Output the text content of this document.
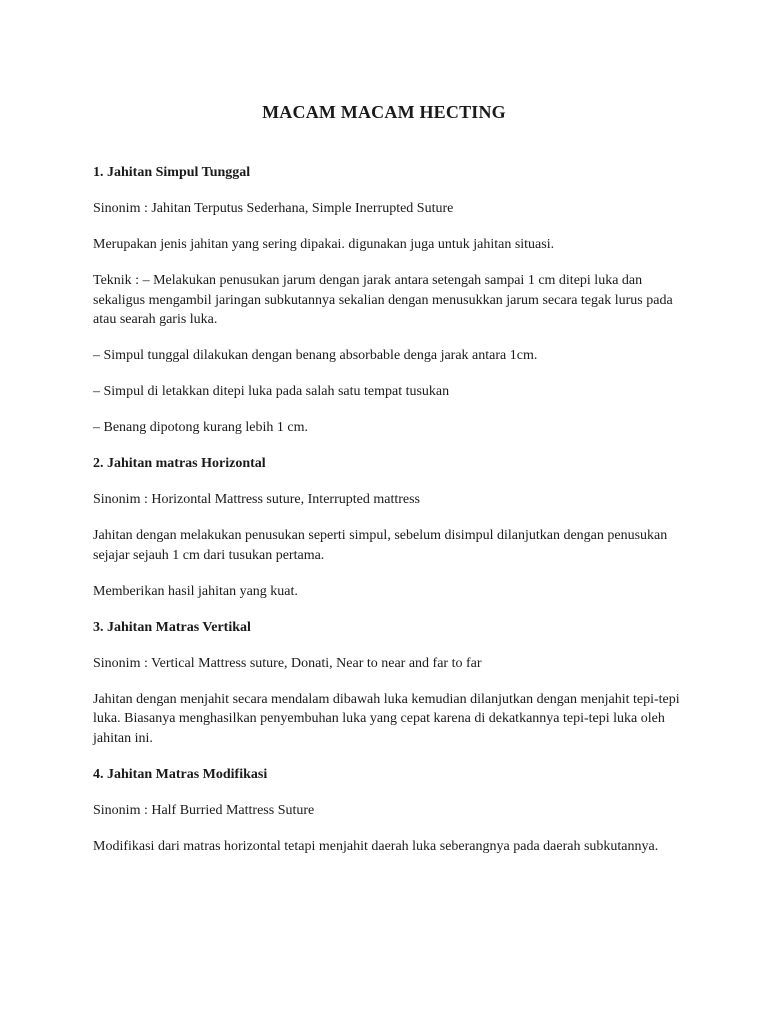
MACAM MACAM HECTING
1. Jahitan Simpul Tunggal

Sinonim : Jahitan Terputus Sederhana, Simple Inerrupted Suture

Merupakan jenis jahitan yang sering dipakai. digunakan juga untuk jahitan situasi.

Teknik : – Melakukan penusukan jarum dengan jarak antara setengah sampai 1 cm ditepi luka dan sekaligus mengambil jaringan subkutannya sekalian dengan menusukkan jarum secara tegak lurus pada atau searah garis luka.

– Simpul tunggal dilakukan dengan benang absorbable denga jarak antara 1cm.

– Simpul di letakkan ditepi luka pada salah satu tempat tusukan

– Benang dipotong kurang lebih 1 cm.

2. Jahitan matras Horizontal

Sinonim : Horizontal Mattress suture, Interrupted mattress

Jahitan dengan melakukan penusukan seperti simpul, sebelum disimpul dilanjutkan dengan penusukan sejajar sejauh 1 cm dari tusukan pertama.

Memberikan hasil jahitan yang kuat.

3. Jahitan Matras Vertikal

Sinonim : Vertical Mattress suture, Donati, Near to near and far to far

Jahitan dengan menjahit secara mendalam dibawah luka kemudian dilanjutkan dengan menjahit tepi-tepi luka. Biasanya menghasilkan penyembuhan luka yang cepat karena di dekatkannya tepi-tepi luka oleh jahitan ini.

4. Jahitan Matras Modifikasi

Sinonim : Half Burried Mattress Suture

Modifikasi dari matras horizontal tetapi menjahit daerah luka seberangnya pada daerah subkutannya.
